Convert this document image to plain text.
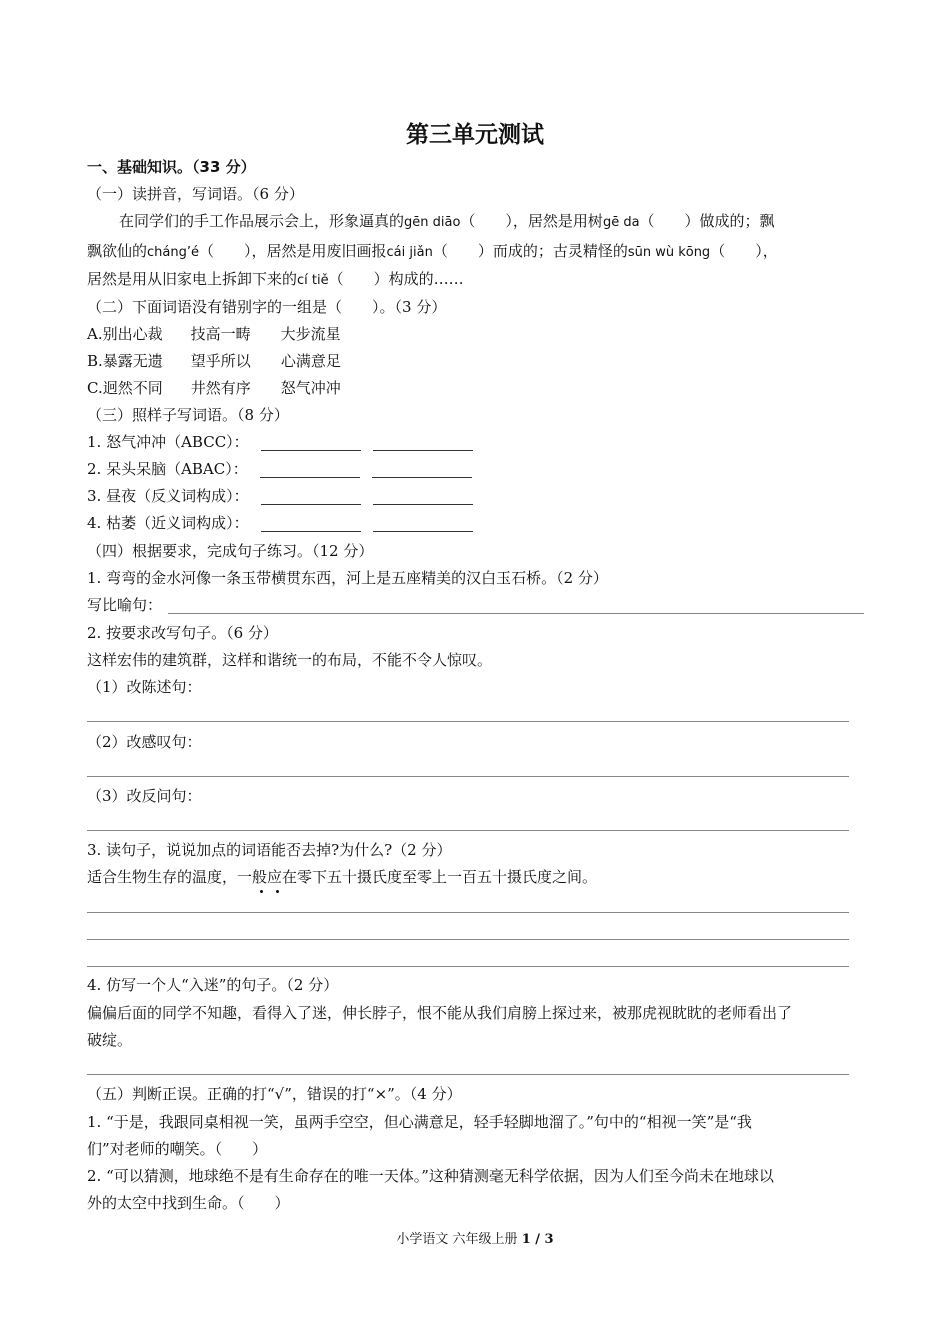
第三单元测试
一、基础知识。（33 分）
（一）读拼音，写词语。（6 分）
在同学们的手工作品展示会上，形象逼真的gēn diāo（　　），居然是用树gē da（　　）做成的；飘
飘欲仙的cháng’é（　　），居然是用废旧画报cái jiǎn（　　）而成的；古灵精怪的sūn wù kōng（　　），
居然是用从旧家电上拆卸下来的cí tiě（　　）构成的……
（二）下面词语没有错别字的一组是（　　）。（3 分）
A.别出心裁 技高一畴 大步流星
B.暴露无遗 望乎所以 心满意足
C.迥然不同 井然有序 怒气冲冲
（三）照样子写词语。（8 分）
1. 怒气冲冲（ABCC）：
2. 呆头呆脑（ABAC）：
3. 昼夜（反义词构成）：
4. 枯萎（近义词构成）：
（四）根据要求，完成句子练习。（12 分）
1. 弯弯的金水河像一条玉带横贯东西，河上是五座精美的汉白玉石桥。（2 分）
写比喻句：
2. 按要求改写句子。（6 分）
这样宏伟的建筑群，这样和谐统一的布局，不能不令人惊叹。
（1）改陈述句：
（2）改感叹句：
（3）改反问句：
3. 读句子，说说加点的词语能否去掉?为什么?（2 分）
适合生物生存的温度，一般应在零下五十摄氏度至零上一百五十摄氏度之间。
4. 仿写一个人“入迷”的句子。（2 分）
偏偏后面的同学不知趣，看得入了迷，伸长脖子，恨不能从我们肩膀上探过来，被那虎视眈眈的老师看出了
破绽。
（五）判断正误。正确的打“√”，错误的打“×”。（4 分）
1. “于是，我跟同桌相视一笑，虽两手空空，但心满意足，轻手轻脚地溜了。”句中的“相视一笑”是“我
们”对老师的嘲笑。（　　）
2. “可以猜测，地球绝不是有生命存在的唯一天体。”这种猜测毫无科学依据，因为人们至今尚未在地球以
外的太空中找到生命。（　　）
小学语文 六年级上册 1 / 3
